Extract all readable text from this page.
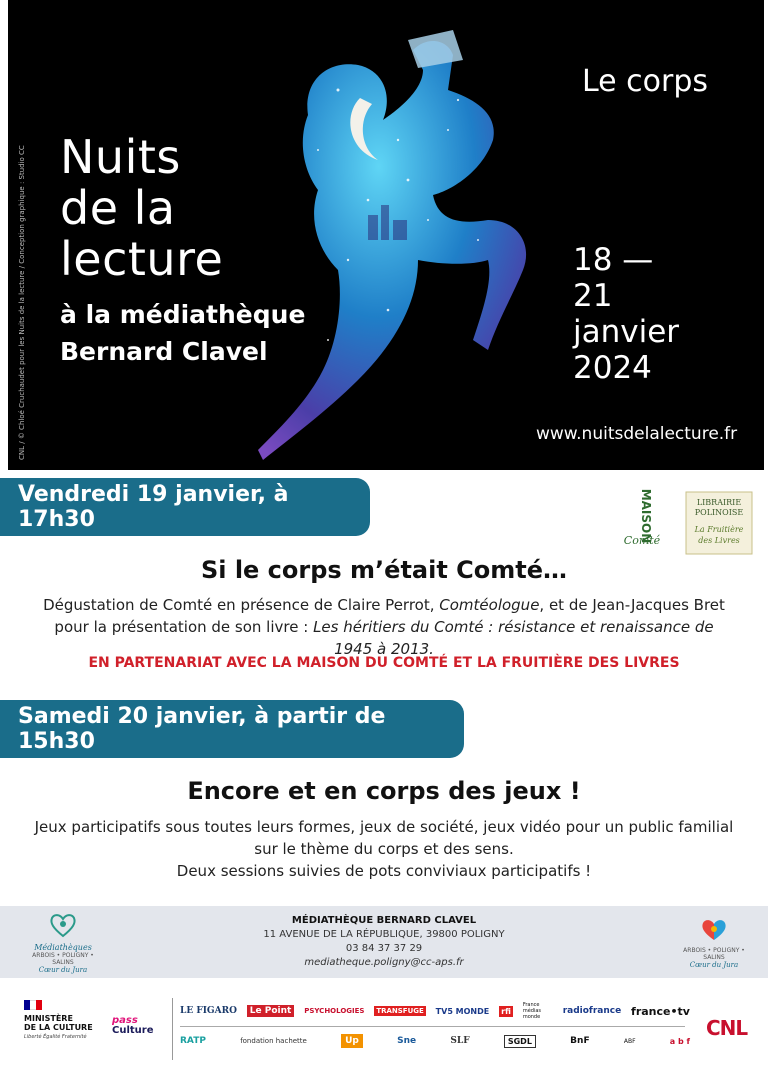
CNL / © Chloé Cruchaudet pour les Nuits de la lecture / Conception graphique : Studio CC Nuits
de la
lecture
à la médiathèque
Bernard Clavel
Le corps
18 —
21
janvier
2024
www.nuitsdelalecture.fr
Vendredi 19 janvier, à 17h30	MAISON
Comté
LIBRAIRIE
POLINOISE
La Fruitière
des Livres
Si le corps m’était Comté…
Dégustation de Comté en présence de Claire Perrot, Comtéologue, et de Jean-Jacques Bret pour la présentation de son livre : Les héritiers du Comté : résistance et renaissance de 1945 à 2013.
EN PARTENARIAT AVEC LA MAISON DU COMTÉ ET LA FRUITIÈRE DES LIVRES
Samedi 20 janvier, à partir de 15h30
Encore et en corps des jeux !
Jeux participatifs sous toutes leurs formes, jeux de société, jeux vidéo pour un public familial
sur le thème du corps et des sens.
Deux sessions suivies de pots conviviaux participatifs !
Médiathèques
ARBOIS • POLIGNY • SALINS
Cœur du Jura
MÉDIATHÈQUE BERNARD CLAVEL
11 AVENUE DE LA RÉPUBLIQUE, 39800 POLIGNY
03 84 37 37 29
mediatheque.poligny@cc-aps.fr
ARBOIS • POLIGNY • SALINS
Cœur du Jura
MINISTÈRE
DE LA CULTURE
Liberté Égalité Fraternité
pass
Culture
LE FIGARO	Le Point	PSYCHOLOGIES TRANSFUGE TV5 MONDE rfi
France médias monde
radiofrance france•tv
RATP	fondation hachette	Up	Sne	SLF	SGDL	BnF	ABF	a b f
CNL
